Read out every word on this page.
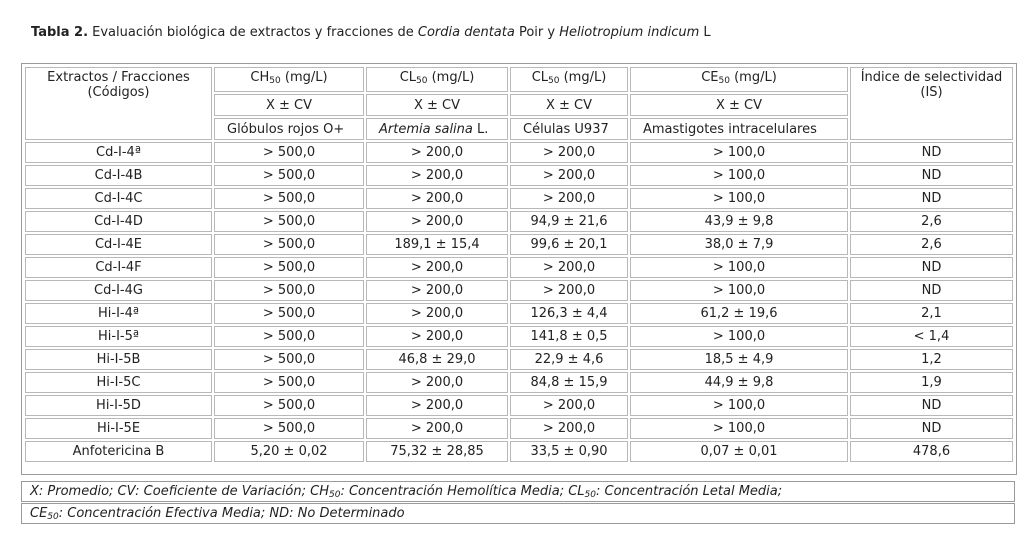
Tabla 2. Evaluación biológica de extractos y fracciones de Cordia dentata Poir y Heliotropium indicum L
Extractos / Fracciones (Códigos)	$CH_{50}$ (mg/L)	$CL_{50}$ (mg/L)	$CL_{50}$ (mg/L)	$CE_{50}$ (mg/L)	Índice de selectividad (IS)
	X ± CV	X ± CV	X ± CV	X ± CV	
	Glóbulos rojos O+	Artemia salina L.	Células U937	Amastigotes intracelulares	
Cd-I-4ª	> 500,0	> 200,0	> 200,0	> 100,0	ND
Cd-I-4B	> 500,0	> 200,0	> 200,0	> 100,0	ND
Cd-I-4C	> 500,0	> 200,0	> 200,0	> 100,0	ND
Cd-I-4D	> 500,0	> 200,0	94,9 ± 21,6	43,9 ± 9,8	2,6
Cd-I-4E	> 500,0	189,1 ± 15,4	99,6 ± 20,1	38,0 ± 7,9	2,6
Cd-I-4F	> 500,0	> 200,0	> 200,0	> 100,0	ND
Cd-I-4G	> 500,0	> 200,0	> 200,0	> 100,0	ND
Hi-I-4ª	> 500,0	> 200,0	126,3 ± 4,4	61,2 ± 19,6	2,1
Hi-I-5ª	> 500,0	> 200,0	141,8 ± 0,5	> 100,0	< 1,4
Hi-I-5B	> 500,0	46,8 ± 29,0	22,9 ± 4,6	18,5 ± 4,9	1,2
Hi-I-5C	> 500,0	> 200,0	84,8 ± 15,9	44,9 ± 9,8	1,9
Hi-I-5D	> 500,0	> 200,0	> 200,0	> 100,0	ND
Hi-I-5E	> 500,0	> 200,0	> 200,0	> 100,0	ND
Anfotericina B	5,20 ± 0,02	75,32 ± 28,85	33,5 ± 0,90	0,07 ± 0,01	478,6
X: Promedio; CV: Coeficiente de Variación; $CH_{50}$: Concentración Hemolítica Media; $CL_{50}$: Concentración Letal Media;
$CE_{50}$: Concentración Efectiva Media; ND: No Determinado
